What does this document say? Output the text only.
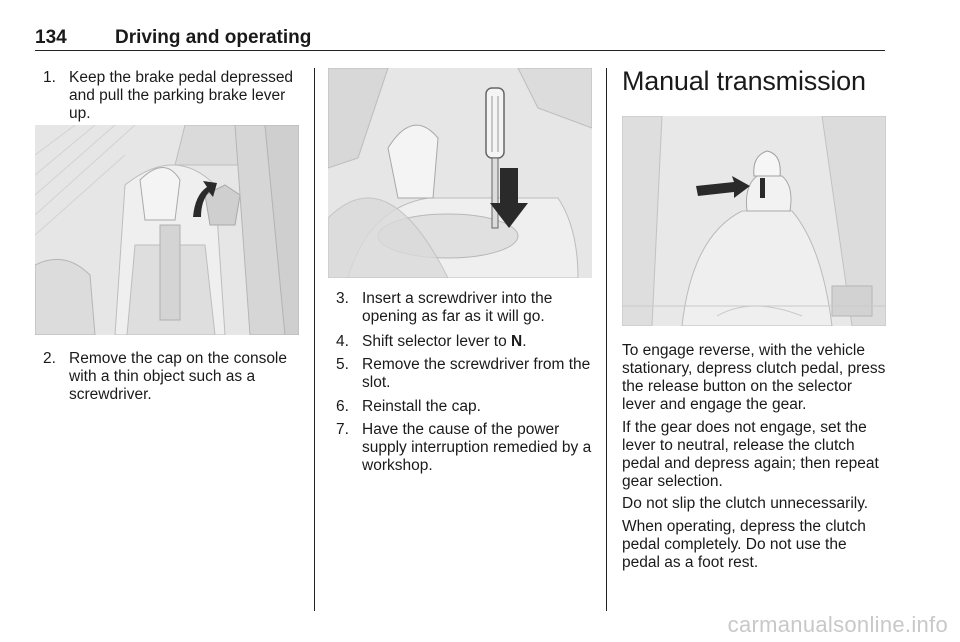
134	Driving and operating
1. Keep the brake pedal depressed and pull the parking brake lever up.
2. Remove the cap on the console with a thin object such as a screwdriver.
3. Insert a screwdriver into the opening as far as it will go.
4. Shift selector lever to N.
5. Remove the screwdriver from the slot.
6. Reinstall the cap.
7. Have the cause of the power supply interruption remedied by a workshop.
Manual transmission
To engage reverse, with the vehicle stationary, depress clutch pedal, press the release button on the selector lever and engage the gear.
If the gear does not engage, set the lever to neutral, release the clutch pedal and depress again; then repeat gear selection.
Do not slip the clutch unnecessarily.
When operating, depress the clutch pedal completely. Do not use the pedal as a foot rest.
carmanualsonline.info
